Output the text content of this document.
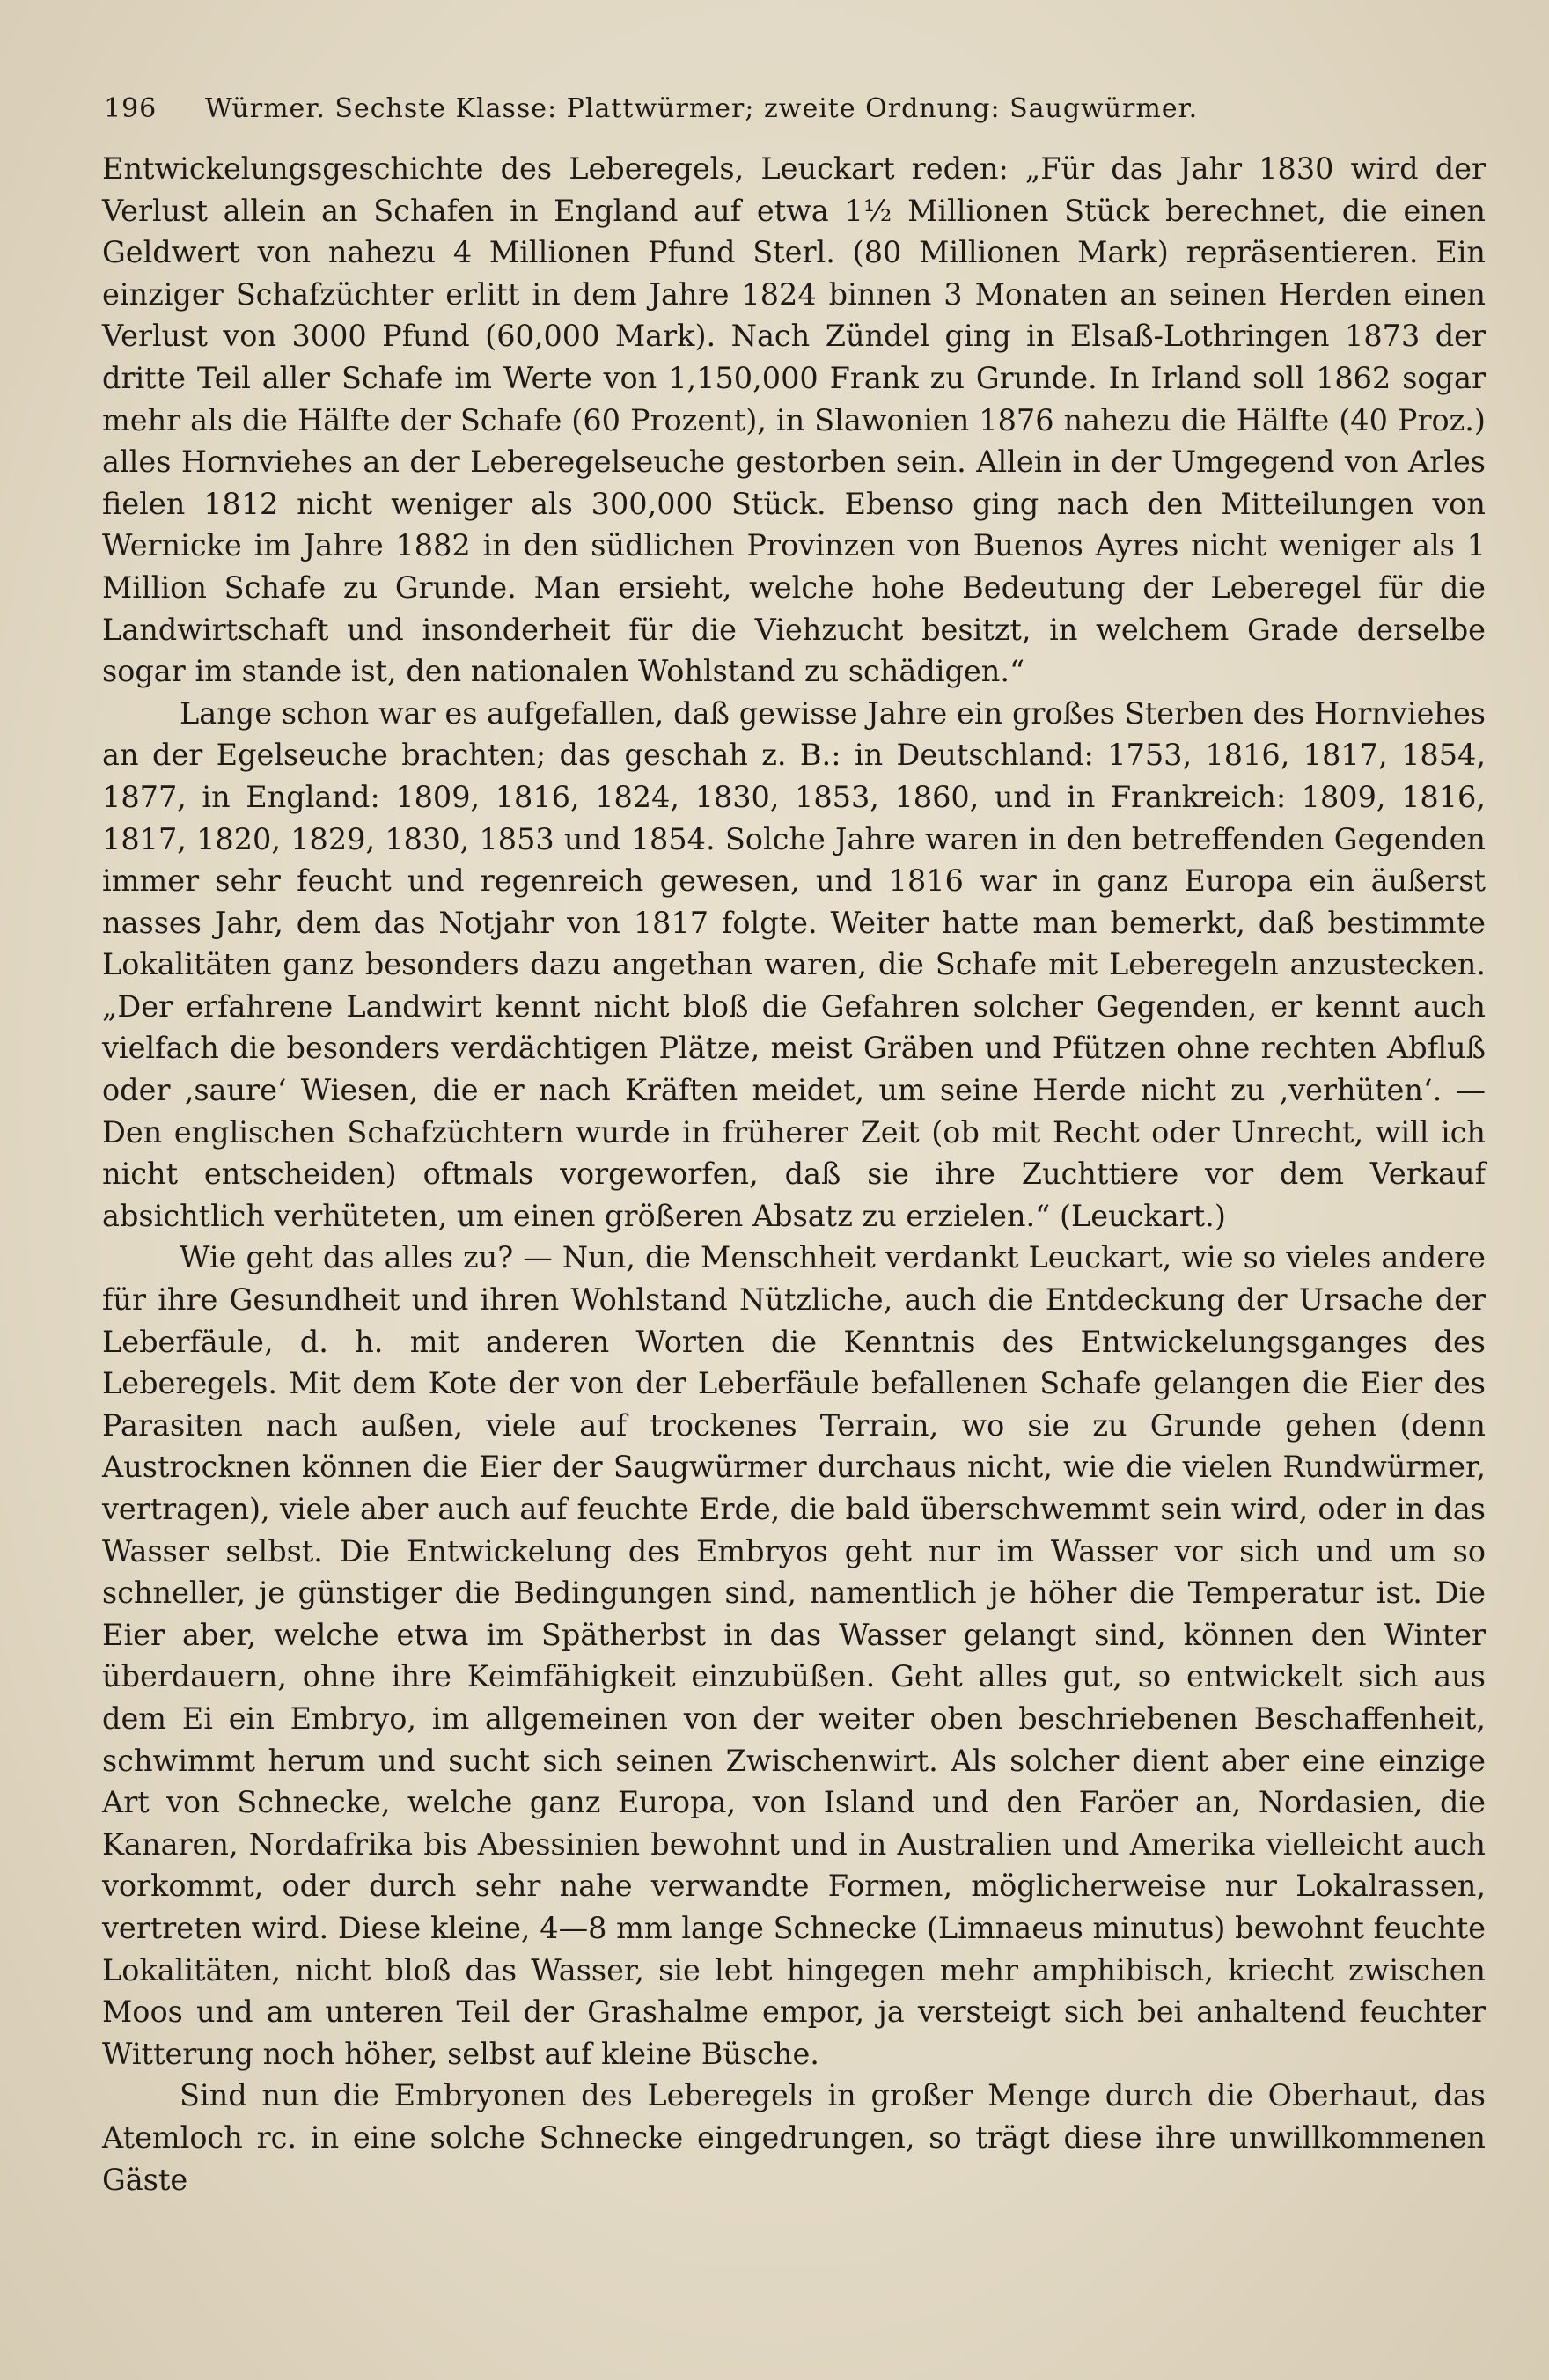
196 Würmer. Sechste Klasse: Plattwürmer; zweite Ordnung: Saugwürmer.

Entwickelungsgeschichte des Leberegels, Leuckart reden: „Für das Jahr 1830 wird der Verlust allein an Schafen in England auf etwa 1½ Millionen Stück berechnet, die einen Geldwert von nahezu 4 Millionen Pfund Sterl. (80 Millionen Mark) repräsentieren. Ein einziger Schafzüchter erlitt in dem Jahre 1824 binnen 3 Monaten an seinen Herden einen Verlust von 3000 Pfund (60,000 Mark). Nach Zündel ging in Elsaß-Lothringen 1873 der dritte Teil aller Schafe im Werte von 1,150,000 Frank zu Grunde. In Irland soll 1862 sogar mehr als die Hälfte der Schafe (60 Prozent), in Slawonien 1876 nahezu die Hälfte (40 Proz.) alles Hornviehes an der Leberegelseuche gestorben sein. Allein in der Umgegend von Arles fielen 1812 nicht weniger als 300,000 Stück. Ebenso ging nach den Mitteilungen von Wernicke im Jahre 1882 in den südlichen Provinzen von Buenos Ayres nicht weniger als 1 Million Schafe zu Grunde. Man ersieht, welche hohe Bedeutung der Leberegel für die Landwirtschaft und insonderheit für die Viehzucht besitzt, in welchem Grade derselbe sogar im stande ist, den nationalen Wohlstand zu schädigen.“

Lange schon war es aufgefallen, daß gewisse Jahre ein großes Sterben des Hornviehes an der Egelseuche brachten; das geschah z. B.: in Deutschland: 1753, 1816, 1817, 1854, 1877, in England: 1809, 1816, 1824, 1830, 1853, 1860, und in Frankreich: 1809, 1816, 1817, 1820, 1829, 1830, 1853 und 1854. Solche Jahre waren in den betreffenden Gegenden immer sehr feucht und regenreich gewesen, und 1816 war in ganz Europa ein äußerst nasses Jahr, dem das Notjahr von 1817 folgte. Weiter hatte man bemerkt, daß bestimmte Lokalitäten ganz besonders dazu angethan waren, die Schafe mit Leberegeln anzustecken. „Der erfahrene Landwirt kennt nicht bloß die Gefahren solcher Gegenden, er kennt auch vielfach die besonders verdächtigen Plätze, meist Gräben und Pfützen ohne rechten Abfluß oder ‚saure‘ Wiesen, die er nach Kräften meidet, um seine Herde nicht zu ‚verhüten‘. — Den englischen Schafzüchtern wurde in früherer Zeit (ob mit Recht oder Unrecht, will ich nicht entscheiden) oftmals vorgeworfen, daß sie ihre Zuchttiere vor dem Verkauf absichtlich verhüteten, um einen größeren Absatz zu erzielen.“ (Leuckart.)

Wie geht das alles zu? — Nun, die Menschheit verdankt Leuckart, wie so vieles andere für ihre Gesundheit und ihren Wohlstand Nützliche, auch die Entdeckung der Ursache der Leberfäule, d. h. mit anderen Worten die Kenntnis des Entwickelungsganges des Leberegels. Mit dem Kote der von der Leberfäule befallenen Schafe gelangen die Eier des Parasiten nach außen, viele auf trockenes Terrain, wo sie zu Grunde gehen (denn Austrocknen können die Eier der Saugwürmer durchaus nicht, wie die vielen Rundwürmer, vertragen), viele aber auch auf feuchte Erde, die bald überschwemmt sein wird, oder in das Wasser selbst. Die Entwickelung des Embryos geht nur im Wasser vor sich und um so schneller, je günstiger die Bedingungen sind, namentlich je höher die Temperatur ist. Die Eier aber, welche etwa im Spätherbst in das Wasser gelangt sind, können den Winter überdauern, ohne ihre Keimfähigkeit einzubüßen. Geht alles gut, so entwickelt sich aus dem Ei ein Embryo, im allgemeinen von der weiter oben beschriebenen Beschaffenheit, schwimmt herum und sucht sich seinen Zwischenwirt. Als solcher dient aber eine einzige Art von Schnecke, welche ganz Europa, von Island und den Faröer an, Nordasien, die Kanaren, Nordafrika bis Abessinien bewohnt und in Australien und Amerika vielleicht auch vorkommt, oder durch sehr nahe verwandte Formen, möglicherweise nur Lokalrassen, vertreten wird. Diese kleine, 4—8 mm lange Schnecke (Limnaeus minutus) bewohnt feuchte Lokalitäten, nicht bloß das Wasser, sie lebt hingegen mehr amphibisch, kriecht zwischen Moos und am unteren Teil der Grashalme empor, ja versteigt sich bei anhaltend feuchter Witterung noch höher, selbst auf kleine Büsche.

Sind nun die Embryonen des Leberegels in großer Menge durch die Oberhaut, das Atemloch rc. in eine solche Schnecke eingedrungen, so trägt diese ihre unwillkommenen Gäste
